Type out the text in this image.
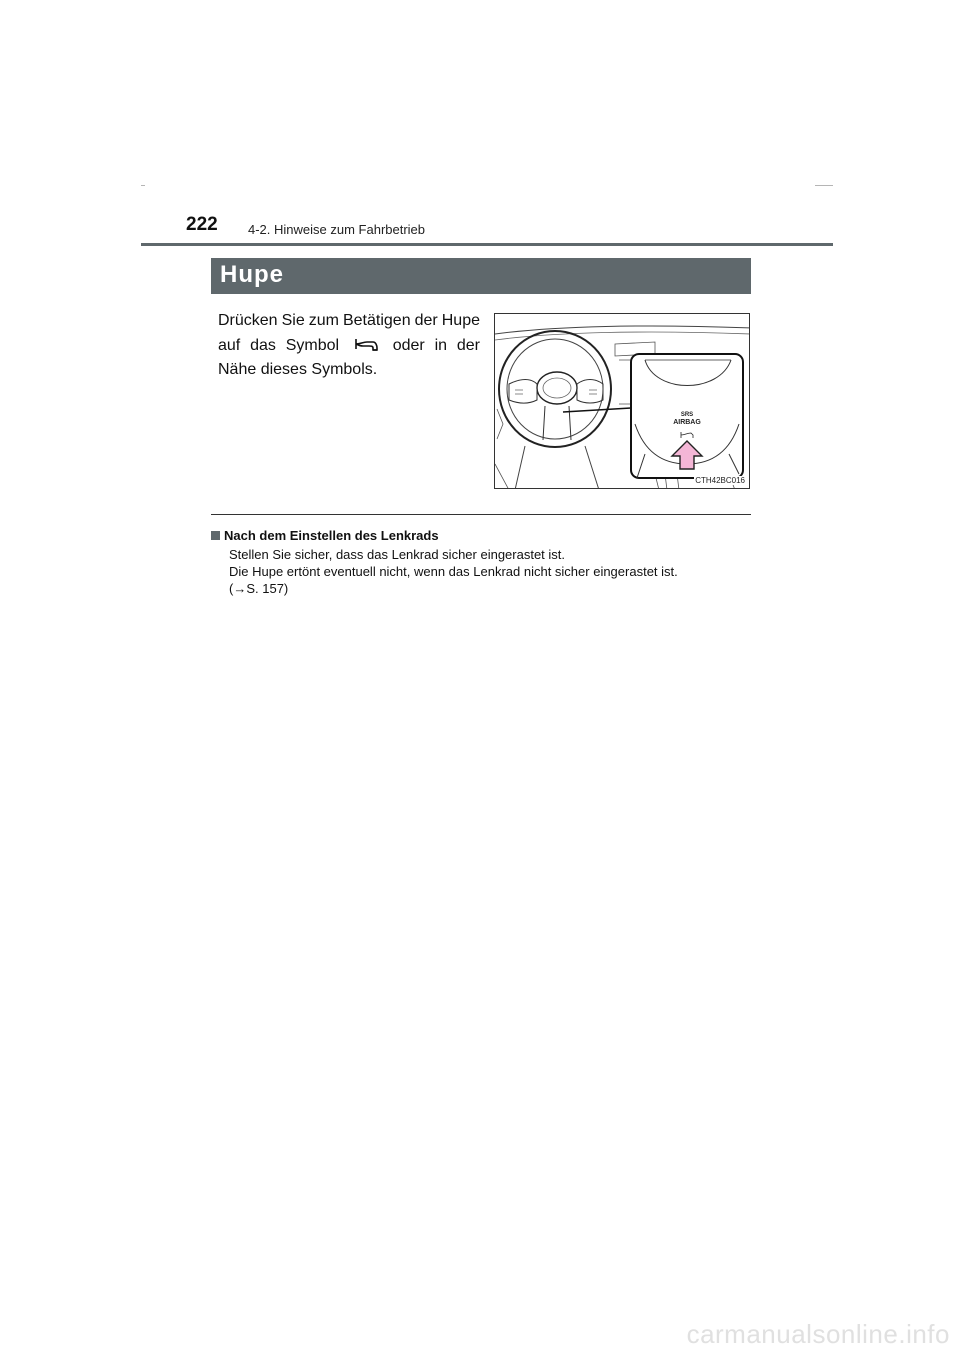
222 4-2. Hinweise zum Fahrbetrieb
Hupe
Drücken Sie zum Betätigen der Hupe
auf das Symbol	oder in der
Nähe dieses Symbols.
SRS
AIRBAG
CTH42BC016
Nach dem Einstellen des Lenkrads
Stellen Sie sicher, dass das Lenkrad sicher eingerastet ist.
Die Hupe ertönt eventuell nicht, wenn das Lenkrad nicht sicher eingerastet ist.
(→S. 157)
carmanualsonline.info
